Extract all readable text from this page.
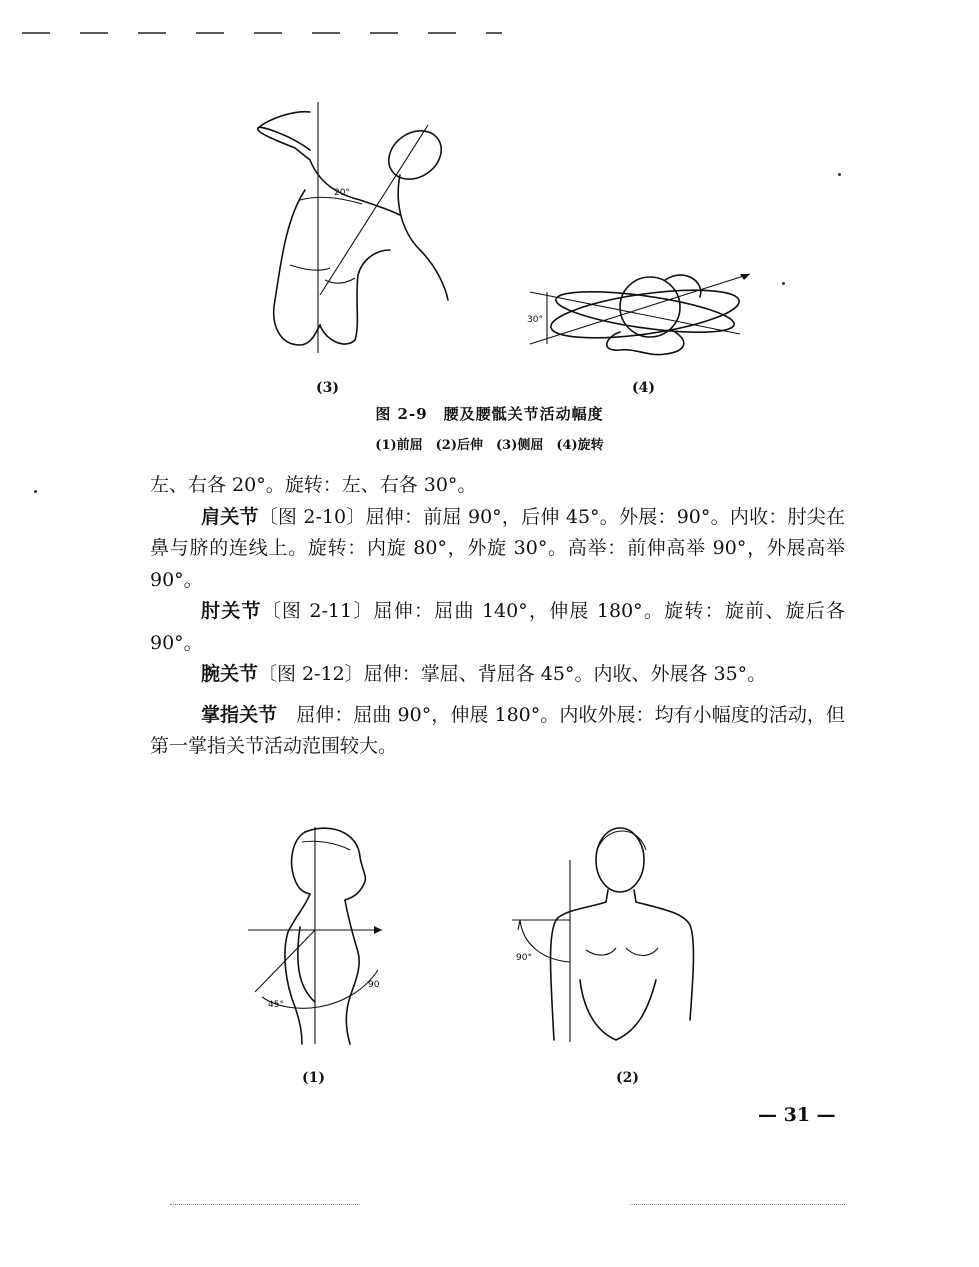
20°
(3)
30°
(4)
图 2-9　腰及腰骶关节活动幅度
(1)前屈　(2)后伸　(3)侧屈　(4)旋转

左、右各 20°。旋转：左、右各 30°。

肩关节〔图 2-10〕屈伸：前屈 90°，后伸 45°。外展：90°。内收：肘尖在鼻与脐的连线上。旋转：内旋 80°，外旋 30°。高举：前伸高举 90°，外展高举 90°。

肘关节〔图 2-11〕屈伸：屈曲 140°，伸展 180°。旋转：旋前、旋后各 90°。

腕关节〔图 2-12〕屈伸：掌屈、背屈各 45°。内收、外展各 35°。

掌指关节　屈伸：屈曲 90°，伸展 180°。内收外展：均有小幅度的活动，但第一掌指关节活动范围较大。

45°
90
(1)
90°
(2)
— 31 —
